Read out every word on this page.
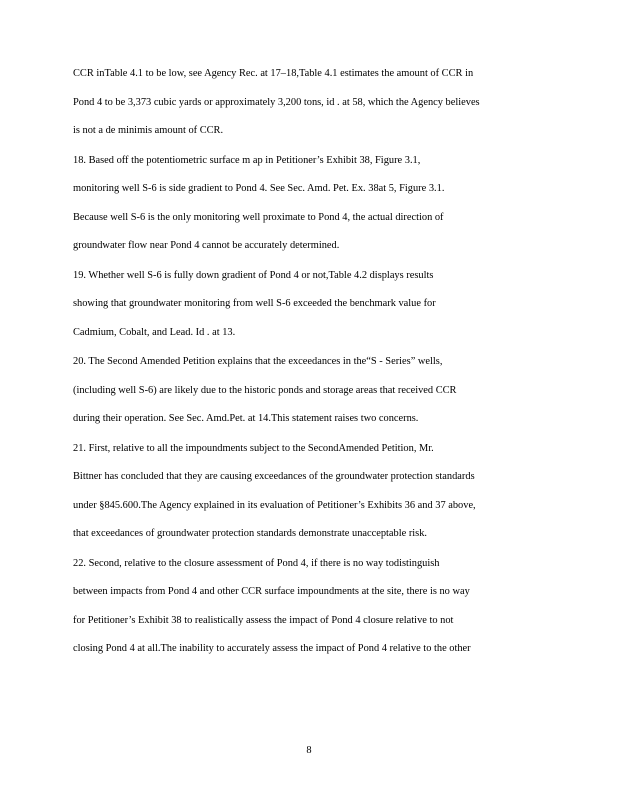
CCR inTable 4.1 to be low, see Agency Rec. at 17–18,Table 4.1 estimates the amount of CCR in
Pond 4 to be 3,373 cubic yards or approximately 3,200 tons, id . at 58, which the Agency believes
is not a de minimis amount of CCR.
18. Based off the potentiometric surface m ap in Petitioner’s Exhibit 38, Figure 3.1,
monitoring well S-6 is side gradient to Pond 4. See Sec. Amd. Pet. Ex. 38at 5, Figure 3.1.
Because well S-6 is the only monitoring well proximate to Pond 4, the actual direction of
groundwater flow near Pond 4 cannot be accurately determined.
19. Whether well S-6 is fully down gradient of Pond 4 or not,Table 4.2 displays results
showing that groundwater monitoring from well S-6 exceeded the benchmark value for
Cadmium, Cobalt, and Lead. Id . at 13.
20. The Second Amended Petition explains that the exceedances in the“S - Series” wells,
(including well S-6) are likely due to the historic ponds and storage areas that received CCR
during their operation. See Sec. Amd.Pet. at 14.This statement raises two concerns.
21. First, relative to all the impoundments subject to the SecondAmended Petition, Mr.
Bittner has concluded that they are causing exceedances of the groundwater protection standards
under §845.600.The Agency explained in its evaluation of Petitioner’s Exhibits 36 and 37 above,
that exceedances of groundwater protection standards demonstrate unacceptable risk.
22. Second, relative to the closure assessment of Pond 4, if there is no way todistinguish
between impacts from Pond 4 and other CCR surface impoundments at the site, there is no way
for Petitioner’s Exhibit 38 to realistically assess the impact of Pond 4 closure relative to not
closing Pond 4 at all.The inability to accurately assess the impact of Pond 4 relative to the other
8
